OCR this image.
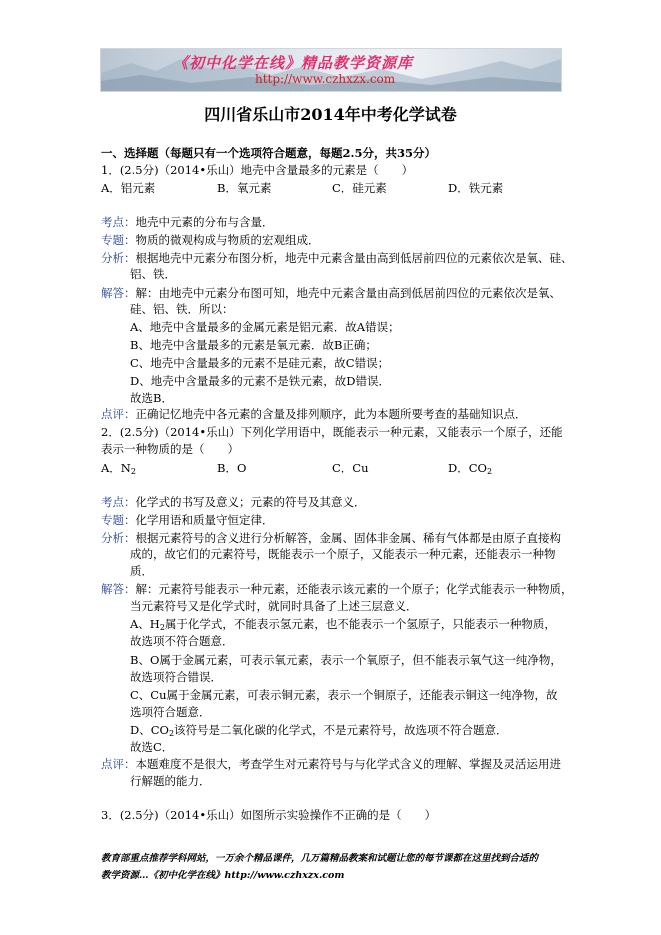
《初中化学在线》精品教学资源库
http://www.czhxzx.com
四川省乐山市2014年中考化学试卷
一、选择题（每题只有一个选项符合题意，每题2.5分，共35分）
1．(2.5分)（2014•乐山）地壳中含量最多的元素是（　　）
A．铝元素	B．氧元素	C．硅元素	D．铁元素
考点：地壳中元素的分布与含量．
专题：物质的微观构成与物质的宏观组成．
分析：根据地壳中元素分布图分析，地壳中元素含量由高到低居前四位的元素依次是氧、硅、
铝、铁．
解答：解：由地壳中元素分布图可知，地壳中元素含量由高到低居前四位的元素依次是氧、
硅、铝、铁．所以：
A、地壳中含量最多的金属元素是铝元素．故A错误；
B、地壳中含量最多的元素是氧元素．故B正确；
C、地壳中含量最多的元素不是硅元素，故C错误；
D、地壳中含量最多的元素不是铁元素，故D错误．
故选B．
点评：正确记忆地壳中各元素的含量及排列顺序，此为本题所要考查的基础知识点．
2．(2.5分)（2014•乐山）下列化学用语中，既能表示一种元素，又能表示一个原子，还能
表示一种物质的是（　　）
A．$N_2$	B．O	C．Cu	D．$CO_2$
考点：化学式的书写及意义；元素的符号及其意义．
专题：化学用语和质量守恒定律．
分析：根据元素符号的含义进行分析解答，金属、固体非金属、稀有气体都是由原子直接构
成的，故它们的元素符号，既能表示一个原子，又能表示一种元素，还能表示一种物
质．
解答：解：元素符号能表示一种元素，还能表示该元素的一个原子；化学式能表示一种物质，
当元素符号又是化学式时，就同时具备了上述三层意义．
A、$H_2$属于化学式，不能表示氢元素，也不能表示一个氢原子，只能表示一种物质，
故选项不符合题意．
B、O属于金属元素，可表示氧元素，表示一个氧原子，但不能表示氧气这一纯净物，
故选项符合错误．
C、Cu属于金属元素，可表示铜元素，表示一个铜原子，还能表示铜这一纯净物，故
选项符合题意．
D、$CO_2$该符号是二氧化碳的化学式，不是元素符号，故选项不符合题意．
故选C．
点评：本题难度不是很大，考查学生对元素符号与与化学式含义的理解、掌握及灵活运用进
行解题的能力．
3．(2.5分)（2014•乐山）如图所示实验操作不正确的是（　　）
教育部重点推荐学科网站，一万余个精品课件，几万篇精品教案和试题让您的每节课都在这里找到合适的
教学资源…《初中化学在线》http://www.czhxzx.com
